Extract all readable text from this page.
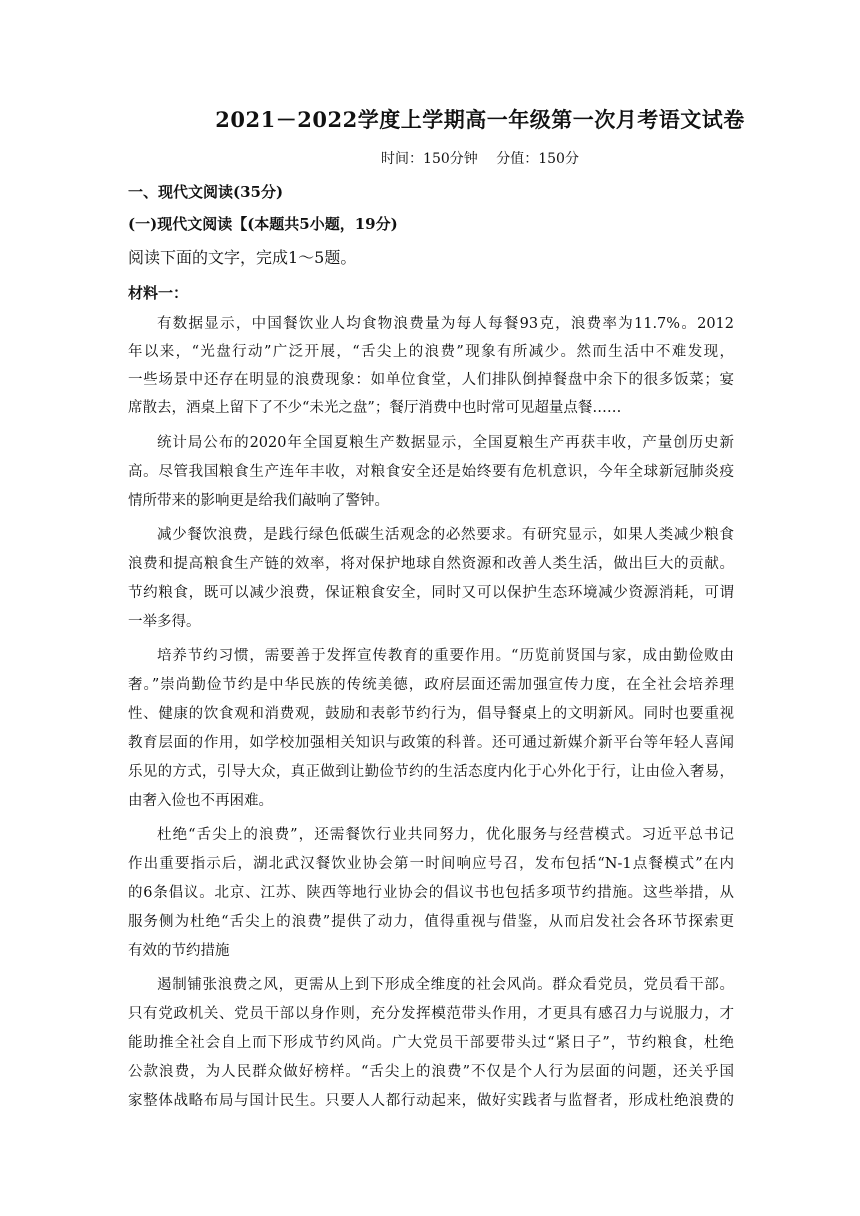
2021－2022学度上学期高一年级第一次月考语文试卷
时间：150分钟 分值：150分
一、现代文阅读(35分)
(一)现代文阅读【(本题共5小题，19分)
阅读下面的文字，完成1～5题。
材料一：
有数据显示，中国餐饮业人均食物浪费量为每人每餐93克，浪费率为11.7%。2012
年以来，“光盘行动”广泛开展，“舌尖上的浪费”现象有所减少。然而生活中不难发现，
一些场景中还存在明显的浪费现象：如单位食堂，人们排队倒掉餐盘中余下的很多饭菜；宴
席散去，酒桌上留下了不少“未光之盘”；餐厅消费中也时常可见超量点餐……
统计局公布的2020年全国夏粮生产数据显示，全国夏粮生产再获丰收，产量创历史新
高。尽管我国粮食生产连年丰收，对粮食安全还是始终要有危机意识，今年全球新冠肺炎疫
情所带来的影响更是给我们敲响了警钟。
减少餐饮浪费，是践行绿色低碳生活观念的必然要求。有研究显示，如果人类减少粮食
浪费和提高粮食生产链的效率，将对保护地球自然资源和改善人类生活，做出巨大的贡献。
节约粮食，既可以减少浪费，保证粮食安全，同时又可以保护生态环境减少资源消耗，可谓
一举多得。
培养节约习惯，需要善于发挥宣传教育的重要作用。“历览前贤国与家，成由勤俭败由
奢。”崇尚勤俭节约是中华民族的传统美德，政府层面还需加强宣传力度，在全社会培养理
性、健康的饮食观和消费观，鼓励和表彰节约行为，倡导餐桌上的文明新风。同时也要重视
教育层面的作用，如学校加强相关知识与政策的科普。还可通过新媒介新平台等年轻人喜闻
乐见的方式，引导大众，真正做到让勤俭节约的生活态度内化于心外化于行，让由俭入奢易，
由奢入俭也不再困难。
杜绝“舌尖上的浪费”，还需餐饮行业共同努力，优化服务与经营模式。习近平总书记
作出重要指示后，湖北武汉餐饮业协会第一时间响应号召，发布包括“N-1点餐模式”在内
的6条倡议。北京、江苏、陕西等地行业协会的倡议书也包括多项节约措施。这些举措，从
服务侧为杜绝“舌尖上的浪费”提供了动力，值得重视与借鉴，从而启发社会各环节探索更
有效的节约措施
遏制铺张浪费之风，更需从上到下形成全维度的社会风尚。群众看党员，党员看干部。
只有党政机关、党员干部以身作则，充分发挥模范带头作用，才更具有感召力与说服力，才
能助推全社会自上而下形成节约风尚。广大党员干部要带头过“紧日子”，节约粮食，杜绝
公款浪费，为人民群众做好榜样。“舌尖上的浪费”不仅是个人行为层面的问题，还关乎国
家整体战略布局与国计民生。只要人人都行动起来，做好实践者与监督者，形成杜绝浪费的
